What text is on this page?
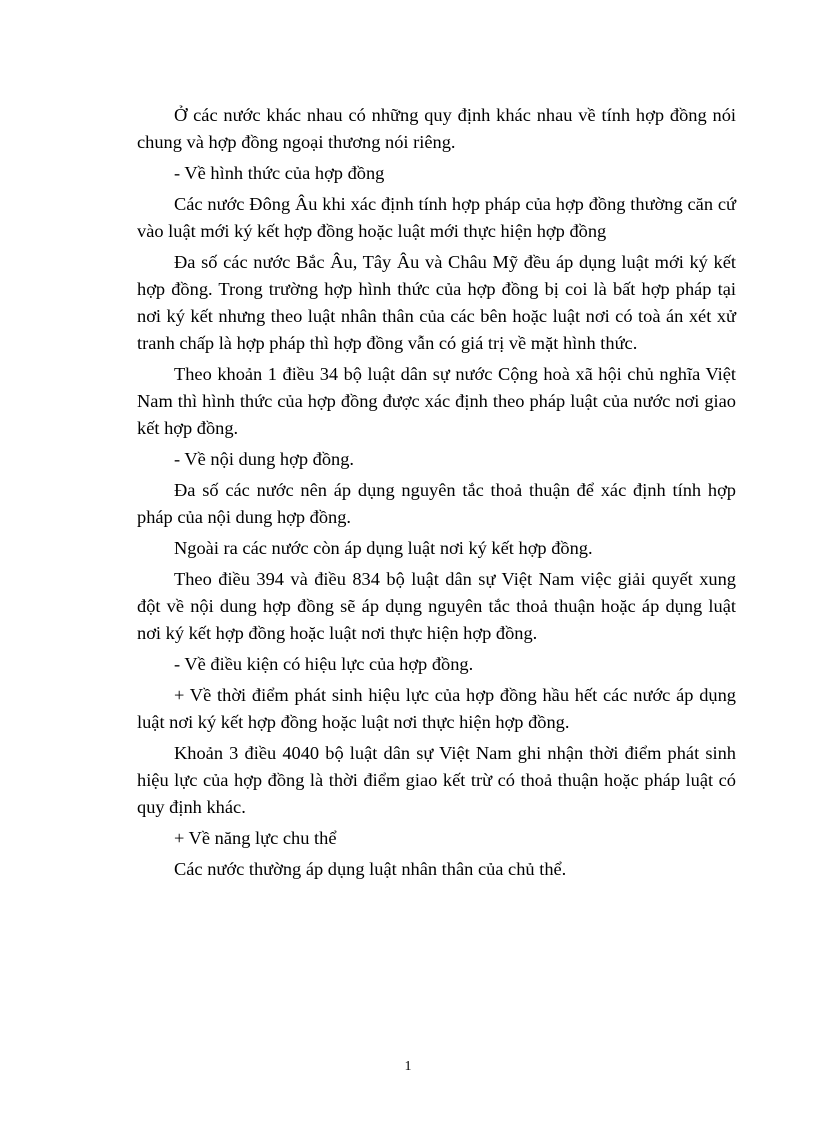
Ở các nước khác nhau có những quy định khác nhau về tính hợp đồng nói chung và hợp đồng ngoại thương nói riêng.

- Về hình thức của hợp đồng

Các nước Đông Âu khi xác định tính hợp pháp của hợp đồng thường căn cứ vào luật mới ký kết hợp đồng hoặc luật mới thực hiện hợp đồng

Đa số các nước Bắc Âu, Tây Âu và Châu Mỹ đều áp dụng luật mới ký kết hợp đồng. Trong trường hợp hình thức của hợp đồng bị coi là bất hợp pháp tại nơi ký kết nhưng theo luật nhân thân của các bên hoặc luật nơi có toà án xét xử tranh chấp là hợp pháp thì hợp đồng vẫn có giá trị về mặt hình thức.

Theo khoản 1 điều 34 bộ luật dân sự nước Cộng hoà xã hội chủ nghĩa Việt Nam thì hình thức của hợp đồng được xác định theo pháp luật của nước nơi giao kết hợp đồng.

- Về nội dung hợp đồng.

Đa số các nước nên áp dụng nguyên tắc thoả thuận để xác định tính hợp pháp của nội dung hợp đồng.

Ngoài ra các nước còn áp dụng luật nơi ký kết hợp đồng.

Theo điều 394 và điều 834 bộ luật dân sự Việt Nam việc giải quyết xung đột về nội dung hợp đồng sẽ áp dụng nguyên tắc thoả thuận hoặc áp dụng luật nơi ký kết hợp đồng hoặc luật nơi thực hiện hợp đồng.

- Về điều kiện có hiệu lực của hợp đồng.

+ Về thời điểm phát sinh hiệu lực của hợp đồng hầu hết các nước áp dụng luật nơi ký kết hợp đồng hoặc luật nơi thực hiện hợp đồng.

Khoản 3 điều 4040 bộ luật dân sự Việt Nam ghi nhận thời điểm phát sinh hiệu lực của hợp đồng là thời điểm giao kết trừ có thoả thuận hoặc pháp luật có quy định khác.

+ Về năng lực chu thể

Các nước thường áp dụng luật nhân thân của chủ thể.

1
